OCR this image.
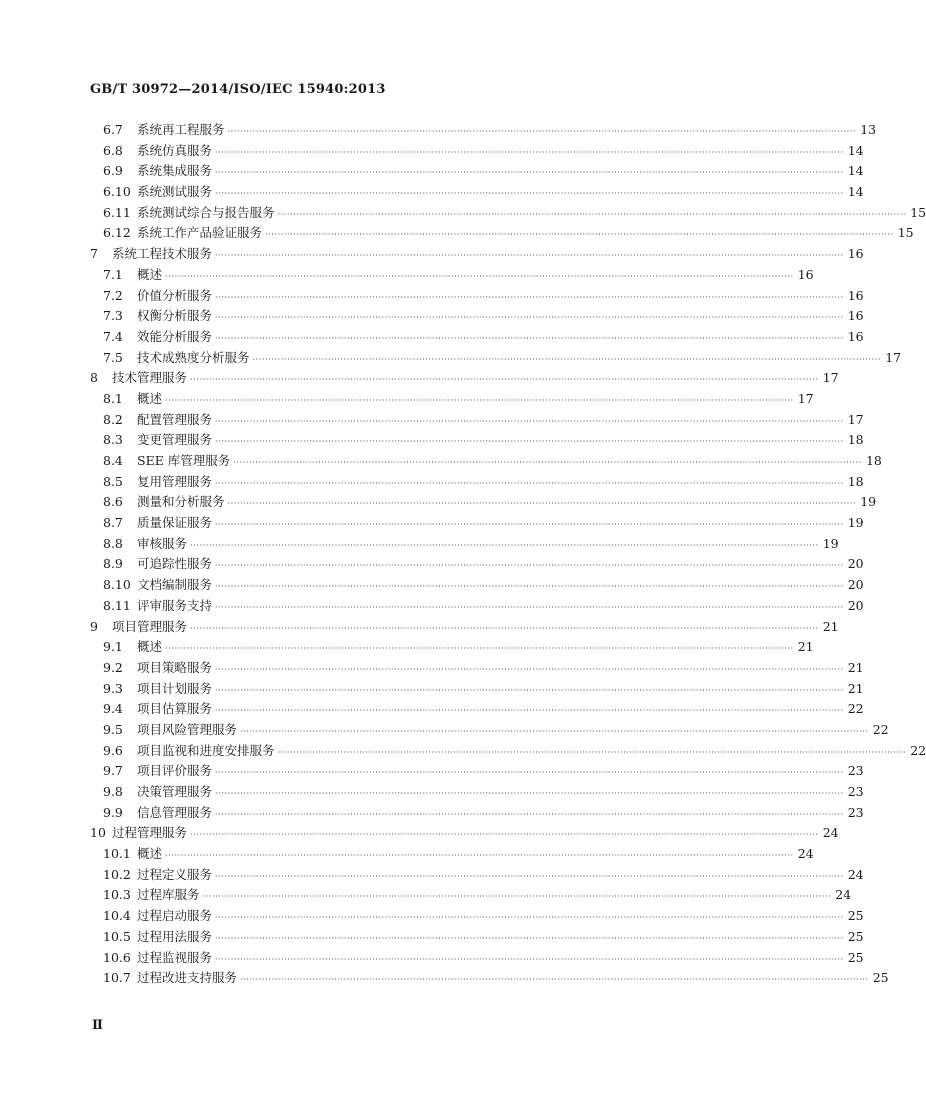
GB/T 30972—2014/ISO/IEC 15940:2013
6.7	系统再工程服务 ········································································································································································································ 13
6.8	系统仿真服务 ········································································································································································································ 14
6.9	系统集成服务 ········································································································································································································ 14
6.10 系统测试服务 ········································································································································································································ 14
6.11 系统测试综合与报告服务 ········································································································································································································ 15
6.12 系统工作产品验证服务 ········································································································································································································ 15
7	系统工程技术服务 ········································································································································································································ 16
7.1	概述 ········································································································································································································ 16
7.2	价值分析服务 ········································································································································································································ 16
7.3	权衡分析服务 ········································································································································································································ 16
7.4	效能分析服务 ········································································································································································································ 16
7.5	技术成熟度分析服务 ········································································································································································································ 17
8	技术管理服务 ········································································································································································································ 17
8.1	概述 ········································································································································································································ 17
8.2	配置管理服务 ········································································································································································································ 17
8.3	变更管理服务 ········································································································································································································ 18
8.4	SEE 库管理服务 ········································································································································································································ 18
8.5	复用管理服务 ········································································································································································································ 18
8.6	测量和分析服务 ········································································································································································································ 19
8.7	质量保证服务 ········································································································································································································ 19
8.8	审核服务 ········································································································································································································ 19
8.9	可追踪性服务 ········································································································································································································ 20
8.10 文档编制服务 ········································································································································································································ 20
8.11 评审服务支持 ········································································································································································································ 20
9	项目管理服务 ········································································································································································································ 21
9.1	概述 ········································································································································································································ 21
9.2	项目策略服务 ········································································································································································································ 21
9.3	项目计划服务 ········································································································································································································ 21
9.4	项目估算服务 ········································································································································································································ 22
9.5	项目风险管理服务 ········································································································································································································ 22
9.6	项目监视和进度安排服务 ········································································································································································································ 22
9.7	项目评价服务 ········································································································································································································ 23
9.8	决策管理服务 ········································································································································································································ 23
9.9	信息管理服务 ········································································································································································································ 23
10 过程管理服务 ········································································································································································································ 24
10.1 概述 ········································································································································································································ 24
10.2 过程定义服务 ········································································································································································································ 24
10.3 过程库服务 ········································································································································································································ 24
10.4 过程启动服务 ········································································································································································································ 25
10.5 过程用法服务 ········································································································································································································ 25
10.6 过程监视服务 ········································································································································································································ 25
10.7 过程改进支持服务 ········································································································································································································ 25
Ⅱ
